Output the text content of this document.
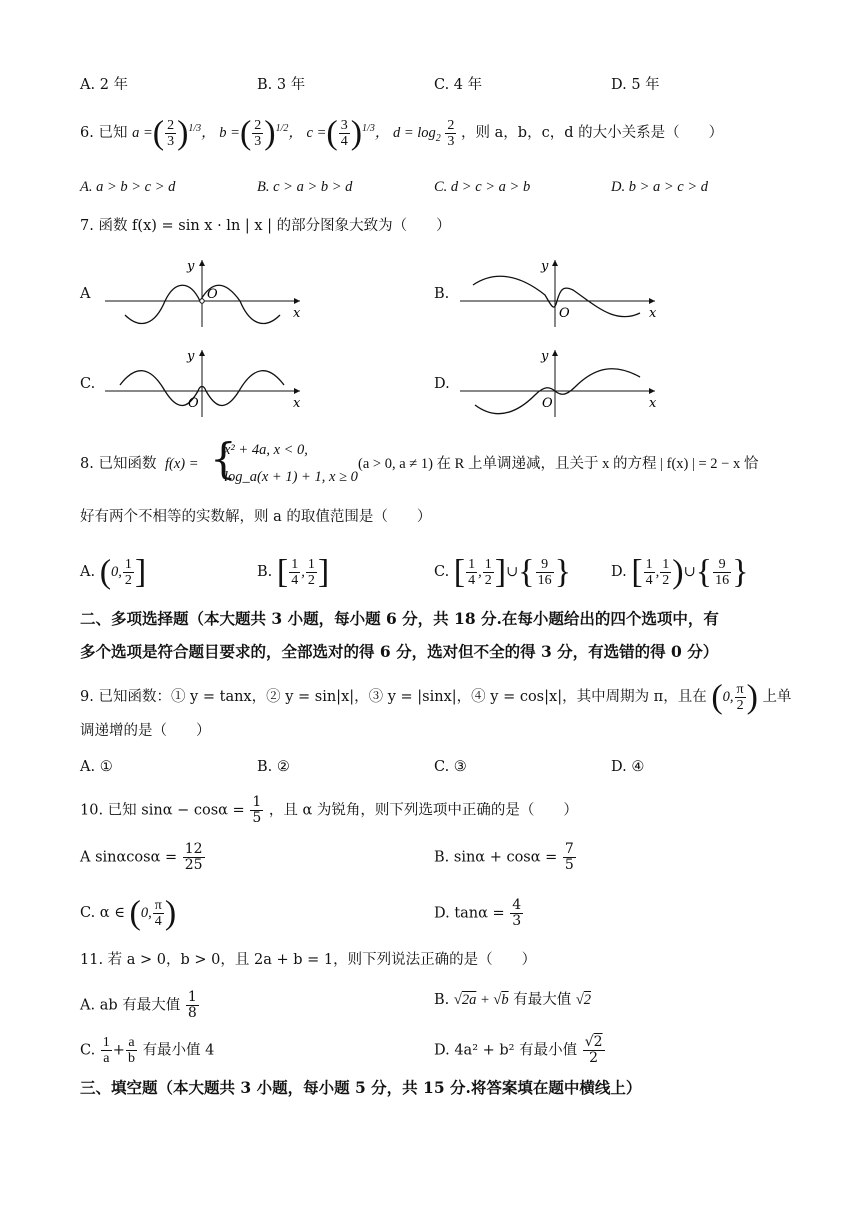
A. 2 年	B. 3 年	C. 4 年	D. 5 年
6. 已知 a =( $\frac{2}{3} )^{1/3}$， b =( $\frac{2}{3} )^{1/2}$， c =( $\frac{3}{4} )^{1/3}$， $d = \log_2 \frac{2}{3}$ ，则 a，b，c，d 的大小关系是（　　）
A. a > b > c > d	B. c > a > b > d	C. d > c > a > b	D. b > a > c > d
7. 函数 f(x) = sin x · ln | x | 的部分图象大致为（　　）
A	O
y
x
B.
O
y
x
C.
O
y
x
D.
O
y
x
8. 已知函数 f(x) = {
x² + 4a, x < 0,
log_a(x + 1) + 1, x ≥ 0
(a > 0, a ≠ 1) 在 R 上单调递减，且关于 x 的方程 | f(x) | = 2 − x 恰
好有两个不相等的实数解，则 a 的取值范围是（　　）
A. (0, $\frac{1}{2}$ ]	B. [ $\frac{1}{4}$ , $\frac{1}{2}$ ]	C. [ $\frac{1}{4}$ , $\frac{1}{2}$ ]∪{ $\frac{9}{16}$ }	D. [ $\frac{1}{4}$ , $\frac{1}{2}$ )∪{ $\frac{9}{16}$ }
二、多项选择题（本大题共 3 小题，每小题 6 分，共 18 分.在每小题给出的四个选项中，有
多个选项是符合题目要求的，全部选对的得 6 分，选对但不全的得 3 分，有选错的得 0 分）
9. 已知函数：① y = tanx，② y = sin|x|，③ y = |sinx|，④ y = cos|x|，其中周期为 π，且在 (0, $\frac{\pi}{2}$ ) 上单
调递增的是（　　）
A. ①	B. ②	C. ③	D. ④
10. 已知 $\sin\alpha - \cos\alpha = \frac{1}{5}$ ，且 α 为锐角，则下列选项中正确的是（　　）
A $\sin\alpha\cos\alpha = \frac{12}{25}$	B. $\sin\alpha + \cos\alpha = \frac{7}{5}$
C. α ∈ (0, $\frac{\pi}{4}$ )	D. $\tan\alpha = \frac{4}{3}$
11. 若 a > 0，b > 0，且 2a + b = 1，则下列说法正确的是（　　）
A. ab 有最大值 $\frac{1}{8}$	B. √2a + √b 有最大值 √2
C. $\frac{1}{a} + \frac{a}{b}$ 有最小值 4	D. 4a² + b² 有最小值 $\frac{√2}{2}$
三、填空题（本大题共 3 小题，每小题 5 分，共 15 分.将答案填在题中横线上）
